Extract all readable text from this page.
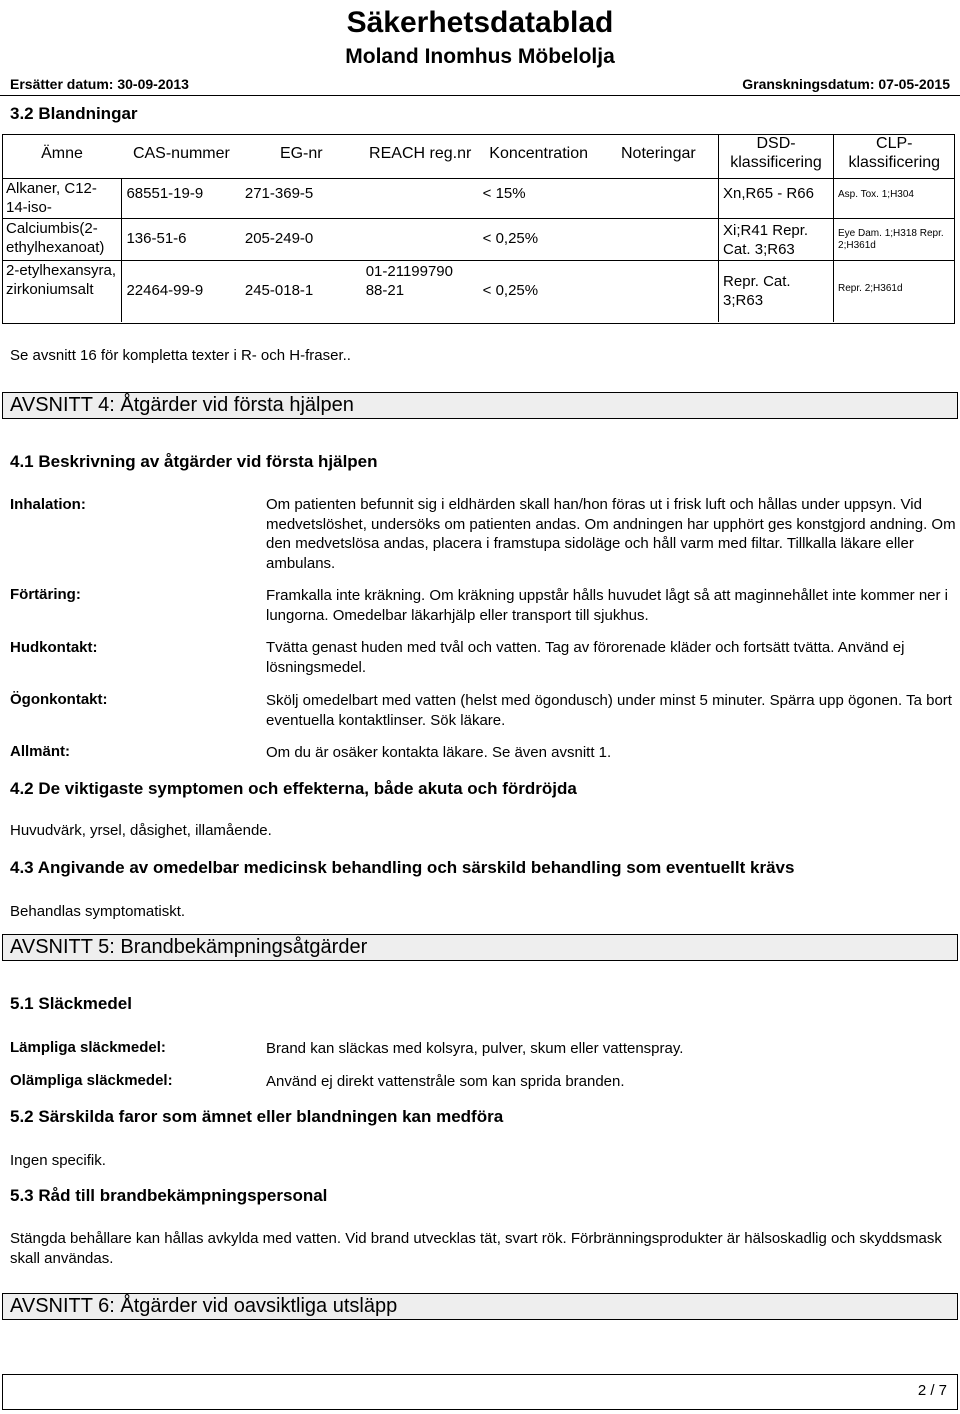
Säkerhetsdatablad
Moland Inomhus Möbelolja
Ersätter datum: 30-09-2013	Granskningsdatum: 07-05-2015
3.2 Blandningar
Ämne	CAS-nummer	EG-nr	REACH reg.nr	Koncentration	Noteringar	DSD-klassificering	CLP-klassificering
Alkaner, C12-14-iso-	68551-19-9	271-369-5		< 15%		Xn,R65 - R66	Asp. Tox. 1;H304
Calciumbis(2-ethylhexanoat)	136-51-6	205-249-0		< 0,25%		Xi;R41 Repr. Cat. 3;R63	Eye Dam. 1;H318 Repr. 2;H361d
2-etylhexansyra, zirkoniumsalt	22464-99-9	245-018-1	01-2119979088-21	< 0,25%		Repr. Cat. 3;R63	Repr. 2;H361d
Se avsnitt 16 för kompletta texter i R- och H-fraser..
AVSNITT 4: Åtgärder vid första hjälpen
4.1 Beskrivning av åtgärder vid första hjälpen
Inhalation:	Om patienten befunnit sig i eldhärden skall han/hon föras ut i frisk luft och hållas under uppsyn. Vid medvetslöshet, undersöks om patienten andas. Om andningen har upphört ges konstgjord andning. Om den medvetslösa andas, placera i framstupa sidoläge och håll varm med filtar. Tillkalla läkare eller ambulans.
Förtäring:	Framkalla inte kräkning. Om kräkning uppstår hålls huvudet lågt så att maginnehållet inte kommer ner i lungorna. Omedelbar läkarhjälp eller transport till sjukhus.
Hudkontakt:	Tvätta genast huden med tvål och vatten. Tag av förorenade kläder och fortsätt tvätta. Använd ej lösningsmedel.
Ögonkontakt:	Skölj omedelbart med vatten (helst med ögondusch) under minst 5 minuter. Spärra upp ögonen. Ta bort eventuella kontaktlinser. Sök läkare.
Allmänt:	Om du är osäker kontakta läkare. Se även avsnitt 1.
4.2 De viktigaste symptomen och effekterna, både akuta och fördröjda
Huvudvärk, yrsel, dåsighet, illamående.
4.3 Angivande av omedelbar medicinsk behandling och särskild behandling som eventuellt krävs
Behandlas symptomatiskt.
AVSNITT 5: Brandbekämpningsåtgärder
5.1 Släckmedel
Lämpliga släckmedel:	Brand kan släckas med kolsyra, pulver, skum eller vattenspray.
Olämpliga släckmedel:	Använd ej direkt vattenstråle som kan sprida branden.
5.2 Särskilda faror som ämnet eller blandningen kan medföra
Ingen specifik.
5.3 Råd till brandbekämpningspersonal
Stängda behållare kan hållas avkylda med vatten. Vid brand utvecklas tät, svart rök. Förbränningsprodukter är hälsoskadlig och skyddsmask skall användas.
AVSNITT 6: Åtgärder vid oavsiktliga utsläpp
2 / 7
